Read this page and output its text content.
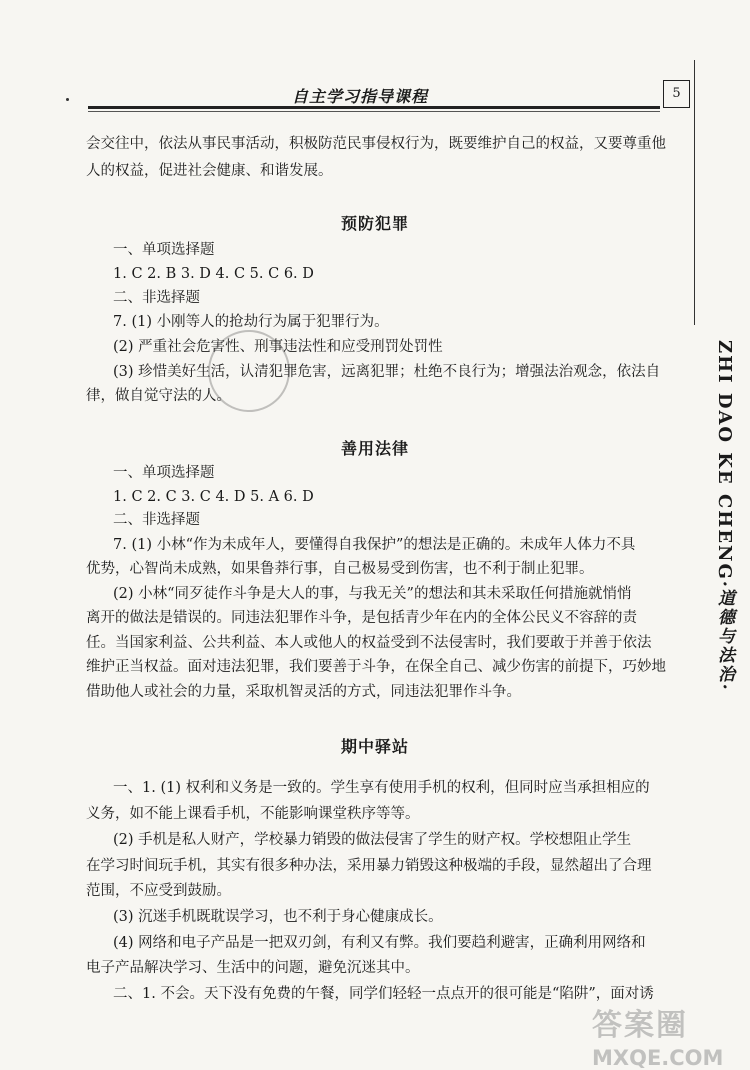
自主学习指导课程	5
ZHI DAO KE CHENG·道德与法治·
会交往中，依法从事民事活动，积极防范民事侵权行为，既要维护自己的权益，又要尊重他
人的权益，促进社会健康、和谐发展。
预防犯罪
一、单项选择题
1. C 2. B 3. D 4. C 5. C 6. D
二、非选择题
7. (1) 小刚等人的抢劫行为属于犯罪行为。
(2) 严重社会危害性、刑事违法性和应受刑罚处罚性
(3) 珍惜美好生活，认清犯罪危害，远离犯罪；杜绝不良行为；增强法治观念，依法自
律，做自觉守法的人。
善用法律
一、单项选择题
1. C 2. C 3. C 4. D 5. A 6. D
二、非选择题
7. (1) 小林“作为未成年人，要懂得自我保护”的想法是正确的。未成年人体力不具
优势，心智尚未成熟，如果鲁莽行事，自己极易受到伤害，也不利于制止犯罪。
(2) 小林“同歹徒作斗争是大人的事，与我无关”的想法和其未采取任何措施就悄悄
离开的做法是错误的。同违法犯罪作斗争，是包括青少年在内的全体公民义不容辞的责
任。当国家利益、公共利益、本人或他人的权益受到不法侵害时，我们要敢于并善于依法
维护正当权益。面对违法犯罪，我们要善于斗争，在保全自己、减少伤害的前提下，巧妙地
借助他人或社会的力量，采取机智灵活的方式，同违法犯罪作斗争。
期中驿站
一、1. (1) 权利和义务是一致的。学生享有使用手机的权利，但同时应当承担相应的
义务，如不能上课看手机，不能影响课堂秩序等等。
(2) 手机是私人财产，学校暴力销毁的做法侵害了学生的财产权。学校想阻止学生
在学习时间玩手机，其实有很多种办法，采用暴力销毁这种极端的手段，显然超出了合理
范围，不应受到鼓励。
(3) 沉迷手机既耽误学习，也不利于身心健康成长。
(4) 网络和电子产品是一把双刃剑，有利又有弊。我们要趋利避害，正确利用网络和
电子产品解决学习、生活中的问题，避免沉迷其中。
二、1. 不会。天下没有免费的午餐，同学们轻轻一点点开的很可能是“陷阱”，面对诱
答案圈
MXQE.COM
